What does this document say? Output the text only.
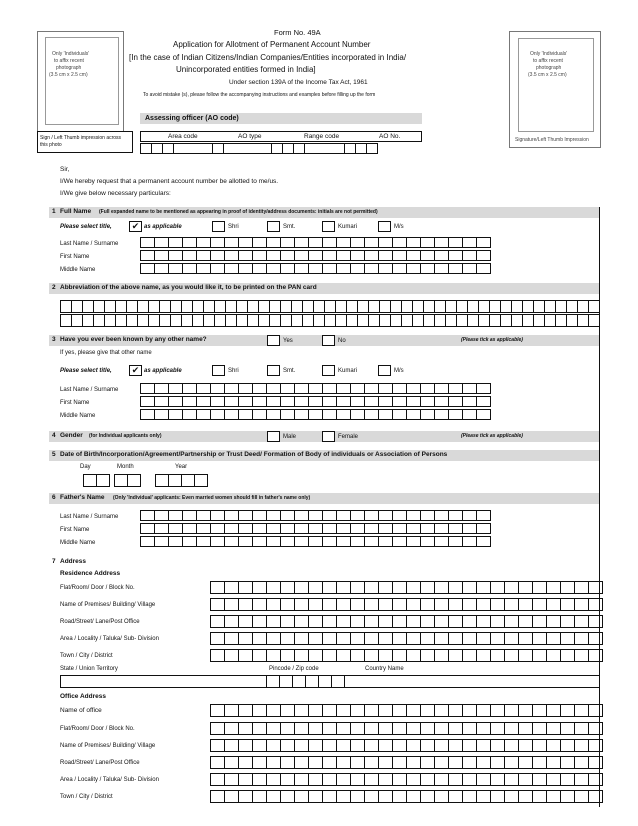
Form No. 49A
Application for Allotment of Permanent Account Number
[In the case of Indian Citizens/Indian Companies/Entities incorporated in India/
Unincorporated entities formed in India]
Under section 139A of the Income Tax Act, 1961
To avoid mistake (s), please follow the accompanying instructions and examples before filling up the form
Only 'Individuals'
to affix recent
photograph
(3.5 cm x 2.5 cm)
Sign / Left Thumb impression across this photo
Only 'Individuals'
to affix recent
photograph
(3.5 cm x 2.5 cm)
Signature/Left Thumb Impression
Assessing officer (AO code)
Area code	AO type	Range code	AO No.
Sir,
I/We hereby request that a permanent account number be allotted to me/us.
I/We give below necessary particulars:
1 Full Name (Full expanded name to be mentioned as appearing in proof of identity/address documents: initials are not permitted)
Please select title,	✔ as applicable	Shri	Smt.	Kumari	M/s
Last Name / Surname
First Name
Middle Name
2 Abbreviation of the above name, as you would like it, to be printed on the PAN card
3 Have you ever been known by any other name?	Yes	No	(Please tick as applicable)
If yes, please give that other name
Please select title,	✔ as applicable	Shri	Smt.	Kumari	M/s
Last Name / Surname
First Name
Middle Name
4 Gender (for Individual applicants only)	Male	Female	(Please tick as applicable)
5 Date of Birth/Incorporation/Agreement/Partnership or Trust Deed/ Formation of Body of individuals or Association of Persons
Day	Month	Year
6 Father's Name (Only 'Individual' applicants: Even married women should fill in father's name only)
Last Name / Surname
First Name
Middle Name
7 Address
Residence Address
Flat/Room/ Door / Block No.
Name of Premises/ Building/ Village
Road/Street/ Lane/Post Office
Area / Locality / Taluka/ Sub- Division
Town / City / District
State / Union Territory	Pincode / Zip code	Country Name
Office Address
Name of office
Flat/Room/ Door / Block No.
Name of Premises/ Building/ Village
Road/Street/ Lane/Post Office
Area / Locality / Taluka/ Sub- Division
Town / City / District
